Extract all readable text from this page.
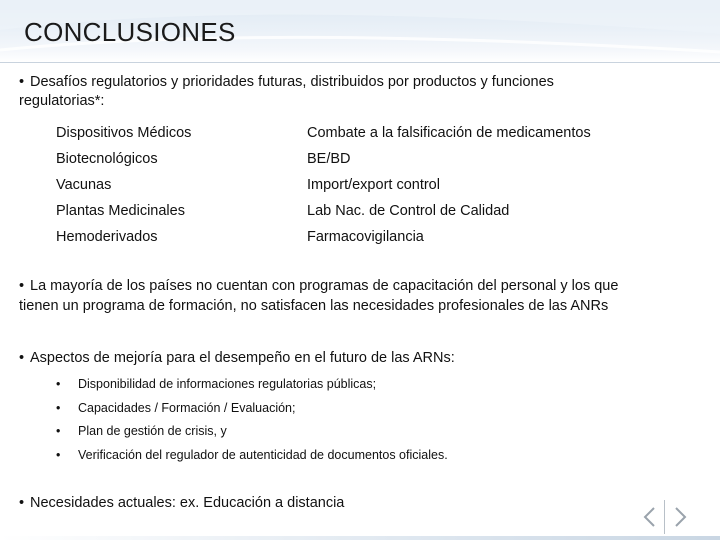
CONCLUSIONES

• Desafíos regulatorios y prioridades futuras, distribuidos por productos y funciones

regulatorias*:

Dispositivos Médicos	Combate a la falsificación de medicamentos
Biotecnológicos	BE/BD
Vacunas	Import/export control
Plantas Medicinales	Lab Nac. de Control de Calidad
Hemoderivados	Farmacovigilancia
• La mayoría de los países no cuentan con programas de capacitación del personal y los que
tienen un programa de formación, no satisfacen las necesidades profesionales de las ANRs
• Aspectos de mejoría para el desempeño en el futuro de las ARNs:
•	Disponibilidad de informaciones regulatorias públicas;
•	Capacidades / Formación / Evaluación;
•	Plan de gestión de crisis, y
•	Verificación del regulador de autenticidad de documentos oficiales.
• Necesidades actuales: ex. Educación a distancia
